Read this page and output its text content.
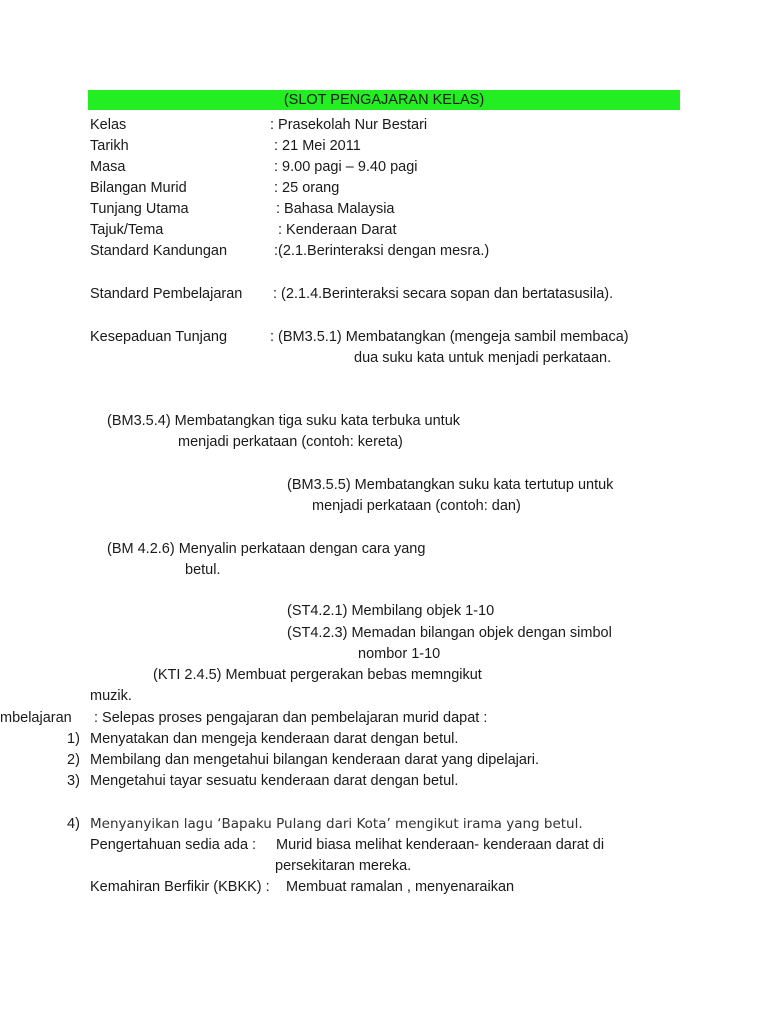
(SLOT PENGAJARAN KELAS)
Kelas	: Prasekolah Nur Bestari
Tarikh	: 21 Mei 2011
Masa	: 9.00 pagi – 9.40 pagi
Bilangan Murid	: 25 orang
Tunjang Utama	: Bahasa Malaysia
Tajuk/Tema	: Kenderaan Darat
Standard Kandungan	:(2.1.Berinteraksi dengan mesra.)
Standard Pembelajaran : (2.1.4.Berinteraksi secara sopan dan bertatasusila).
Kesepaduan Tunjang	: (BM3.5.1) Membatangkan (mengeja sambil membaca)
dua suku kata untuk menjadi perkataan.
(BM3.5.4) Membatangkan tiga suku kata terbuka untuk
menjadi perkataan (contoh: kereta)
(BM3.5.5) Membatangkan suku kata tertutup untuk
menjadi perkataan (contoh: dan)
(BM 4.2.6) Menyalin perkataan dengan cara yang
betul.
(ST4.2.1) Membilang objek 1-10
(ST4.2.3) Memadan bilangan objek dengan simbol
nombor 1-10
(KTI 2.4.5) Membuat pergerakan bebas memngikut
muzik.
mbelajaran : Selepas proses pengajaran dan pembelajaran murid dapat :
1) Menyatakan dan mengeja kenderaan darat dengan betul.
2) Membilang dan mengetahui bilangan kenderaan darat yang dipelajari.
3) Mengetahui tayar sesuatu kenderaan darat dengan betul.
4) Menyanyikan lagu ‘Bapaku Pulang dari Kota’ mengikut irama yang betul.
Pengertahuan sedia ada : Murid biasa melihat kenderaan- kenderaan darat di
persekitaran mereka.
Kemahiran Berfikir (KBKK) : Membuat ramalan , menyenaraikan
